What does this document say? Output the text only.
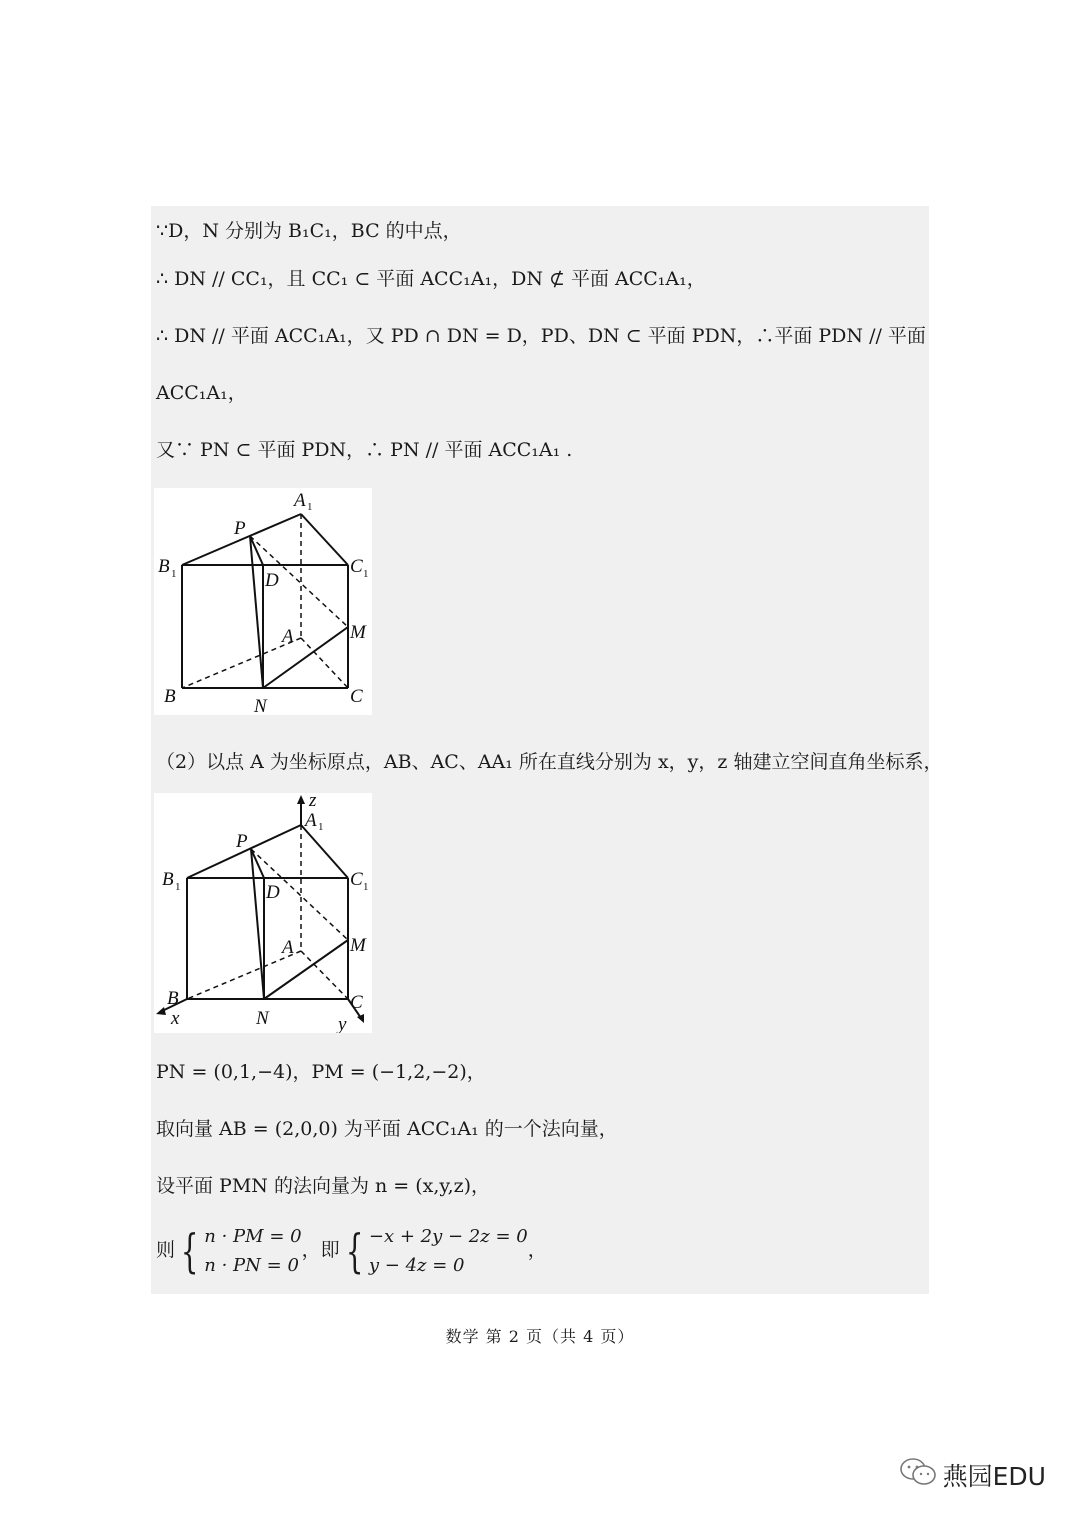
∵D，N 分别为 B₁C₁，BC 的中点，
∴ DN // CC₁，且 CC₁ ⊂ 平面 ACC₁A₁，DN ⊄ 平面 ACC₁A₁，
∴ DN // 平面 ACC₁A₁，又 PD ∩ DN = D，PD、DN ⊂ 平面 PDN，∴平面 PDN // 平面
ACC₁A₁，
又∵ PN ⊂ 平面 PDN，∴ PN // 平面 ACC₁A₁ .
A 1
P
B 1	D
C 1
A	M
B	N	C
（2）以点 A 为坐标原点，AB、AC、AA₁ 所在直线分别为 x，y，z 轴建立空间直角坐标系，
z
A 1
P
B 1	D
C 1
A	M
B	C
x	N	y
PN = (0,1,−4)，PM = (−1,2,−2)，
取向量 AB = (2,0,0) 为平面 ACC₁A₁ 的一个法向量，
设平面 PMN 的法向量为 n = (x,y,z)，
则 { n · PM = 0
n · PN = 0，即 { −x + 2y − 2z = 0
y − 4z = 0，
数学 第 2 页（共 4 页）
燕园EDU
